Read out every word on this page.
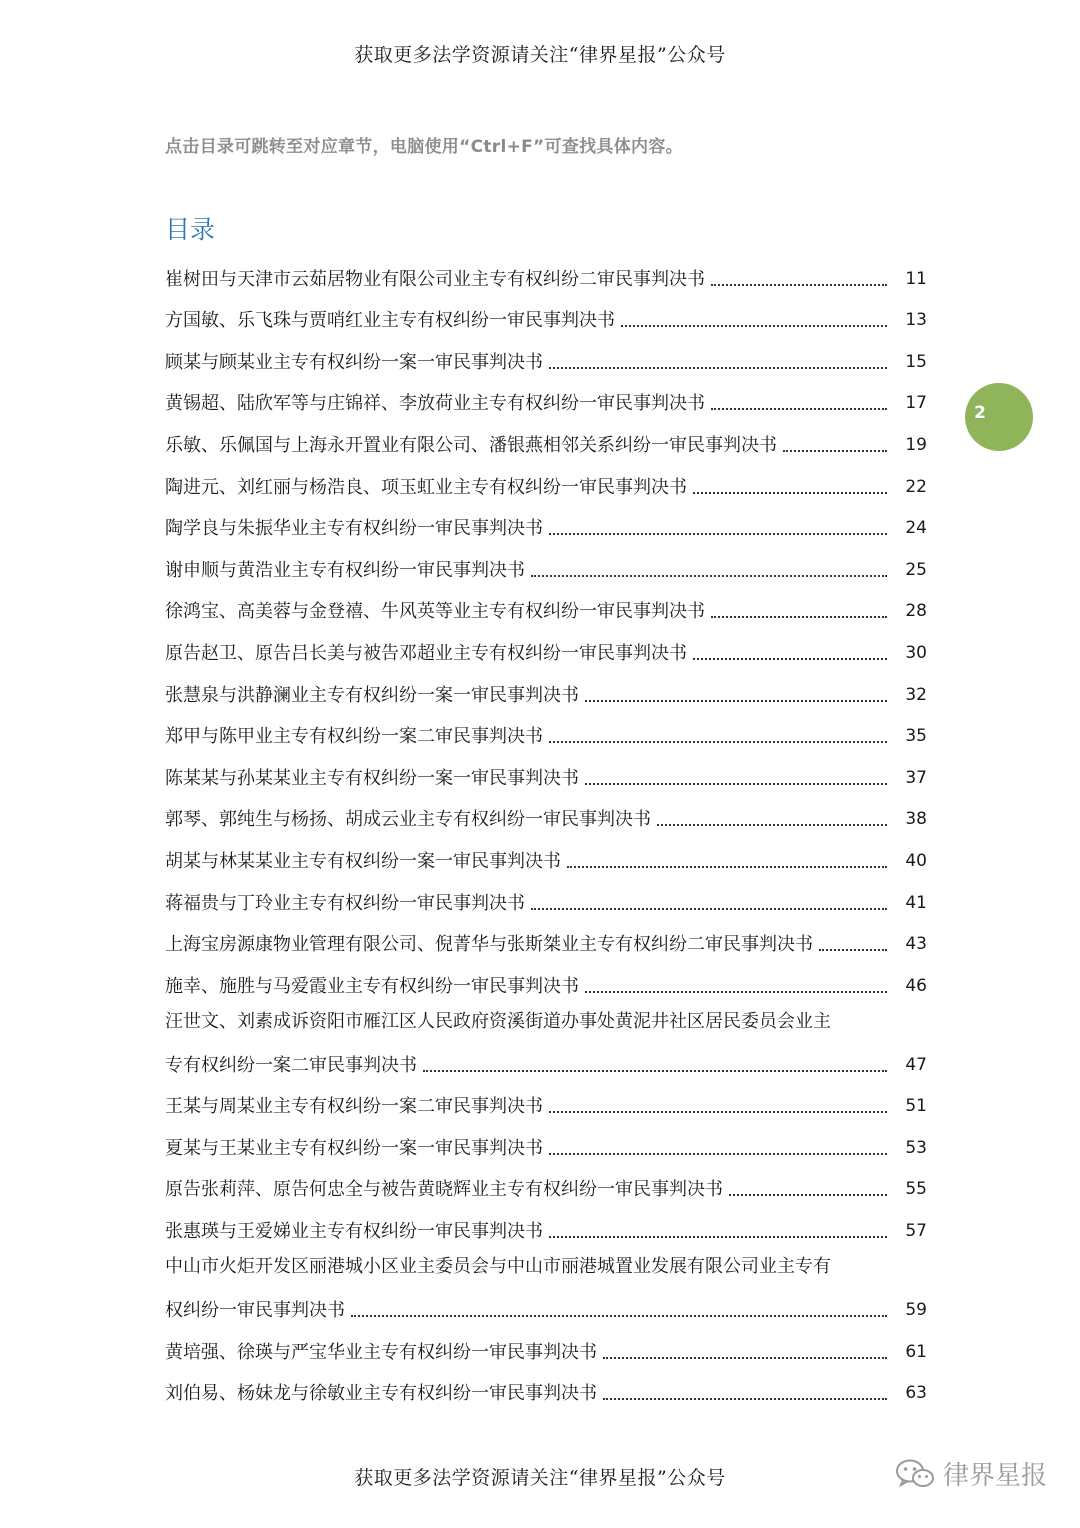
获取更多法学资源请关注“律界星报”公众号
点击目录可跳转至对应章节，电脑使用“Ctrl+F”可查找具体内容。
目录
崔树田与天津市云茹居物业有限公司业主专有权纠纷二审民事判决书	11
方国敏、乐飞珠与贾哨红业主专有权纠纷一审民事判决书	13
顾某与顾某业主专有权纠纷一案一审民事判决书	15
黄锡超、陆欣军等与庄锦祥、李放荷业主专有权纠纷一审民事判决书	17
乐敏、乐佩国与上海永开置业有限公司、潘银燕相邻关系纠纷一审民事判决书	19
陶进元、刘红丽与杨浩良、项玉虹业主专有权纠纷一审民事判决书	22
陶学良与朱振华业主专有权纠纷一审民事判决书	24
谢申顺与黄浩业主专有权纠纷一审民事判决书	25
徐鸿宝、高美蓉与金登禧、牛风英等业主专有权纠纷一审民事判决书	28
原告赵卫、原告吕长美与被告邓超业主专有权纠纷一审民事判决书	30
张慧泉与洪静澜业主专有权纠纷一案一审民事判决书	32
郑甲与陈甲业主专有权纠纷一案二审民事判决书	35
陈某某与孙某某业主专有权纠纷一案一审民事判决书	37
郭琴、郭纯生与杨扬、胡成云业主专有权纠纷一审民事判决书	38
胡某与林某某业主专有权纠纷一案一审民事判决书	40
蒋福贵与丁玲业主专有权纠纷一审民事判决书	41
上海宝房源康物业管理有限公司、倪菁华与张斯桀业主专有权纠纷二审民事判决书	43
施幸、施胜与马爱霞业主专有权纠纷一审民事判决书	46
汪世文、刘素成诉资阳市雁江区人民政府资溪街道办事处黄泥井社区居民委员会业主
专有权纠纷一案二审民事判决书	47
王某与周某业主专有权纠纷一案二审民事判决书	51
夏某与王某业主专有权纠纷一案一审民事判决书	53
原告张莉萍、原告何忠全与被告黄晓辉业主专有权纠纷一审民事判决书	55
张惠瑛与王爱娣业主专有权纠纷一审民事判决书	57
中山市火炬开发区丽港城小区业主委员会与中山市丽港城置业发展有限公司业主专有
权纠纷一审民事判决书	59
黄培强、徐瑛与严宝华业主专有权纠纷一审民事判决书	61
刘伯易、杨妹龙与徐敏业主专有权纠纷一审民事判决书	63
2
获取更多法学资源请关注“律界星报”公众号	律界星报
